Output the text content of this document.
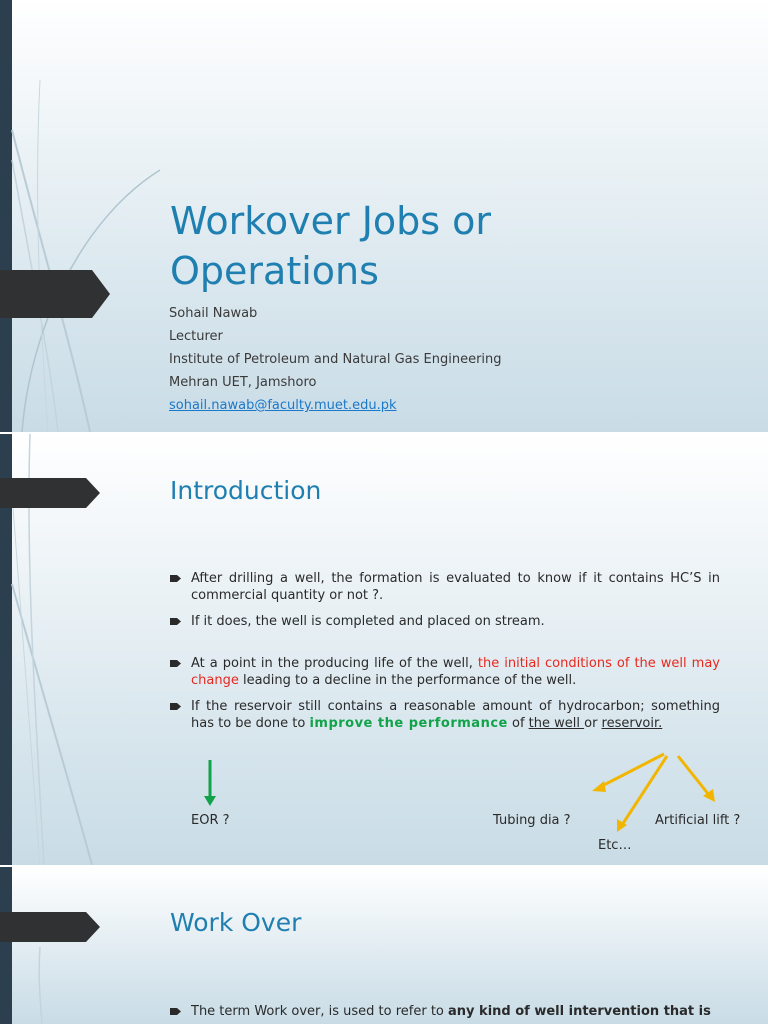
Workover Jobs or
Operations
Sohail Nawab
Lecturer
Institute of Petroleum and Natural Gas Engineering
Mehran UET, Jamshoro
sohail.nawab@faculty.muet.edu.pk
Introduction
After drilling a well, the formation is evaluated to know if it contains HC’S in commercial quantity or not ?.
If it does, the well is completed and placed on stream.
At a point in the producing life of the well, the initial conditions of the well may change leading to a decline in the performance of the well.
If the reservoir still contains a reasonable amount of hydrocarbon; something has to be done to improve the performance of the well or reservoir.
EOR ?	Tubing dia ?	Artificial lift ?
Etc…
Work Over
The term Work over, is used to refer to any kind of well intervention that is
